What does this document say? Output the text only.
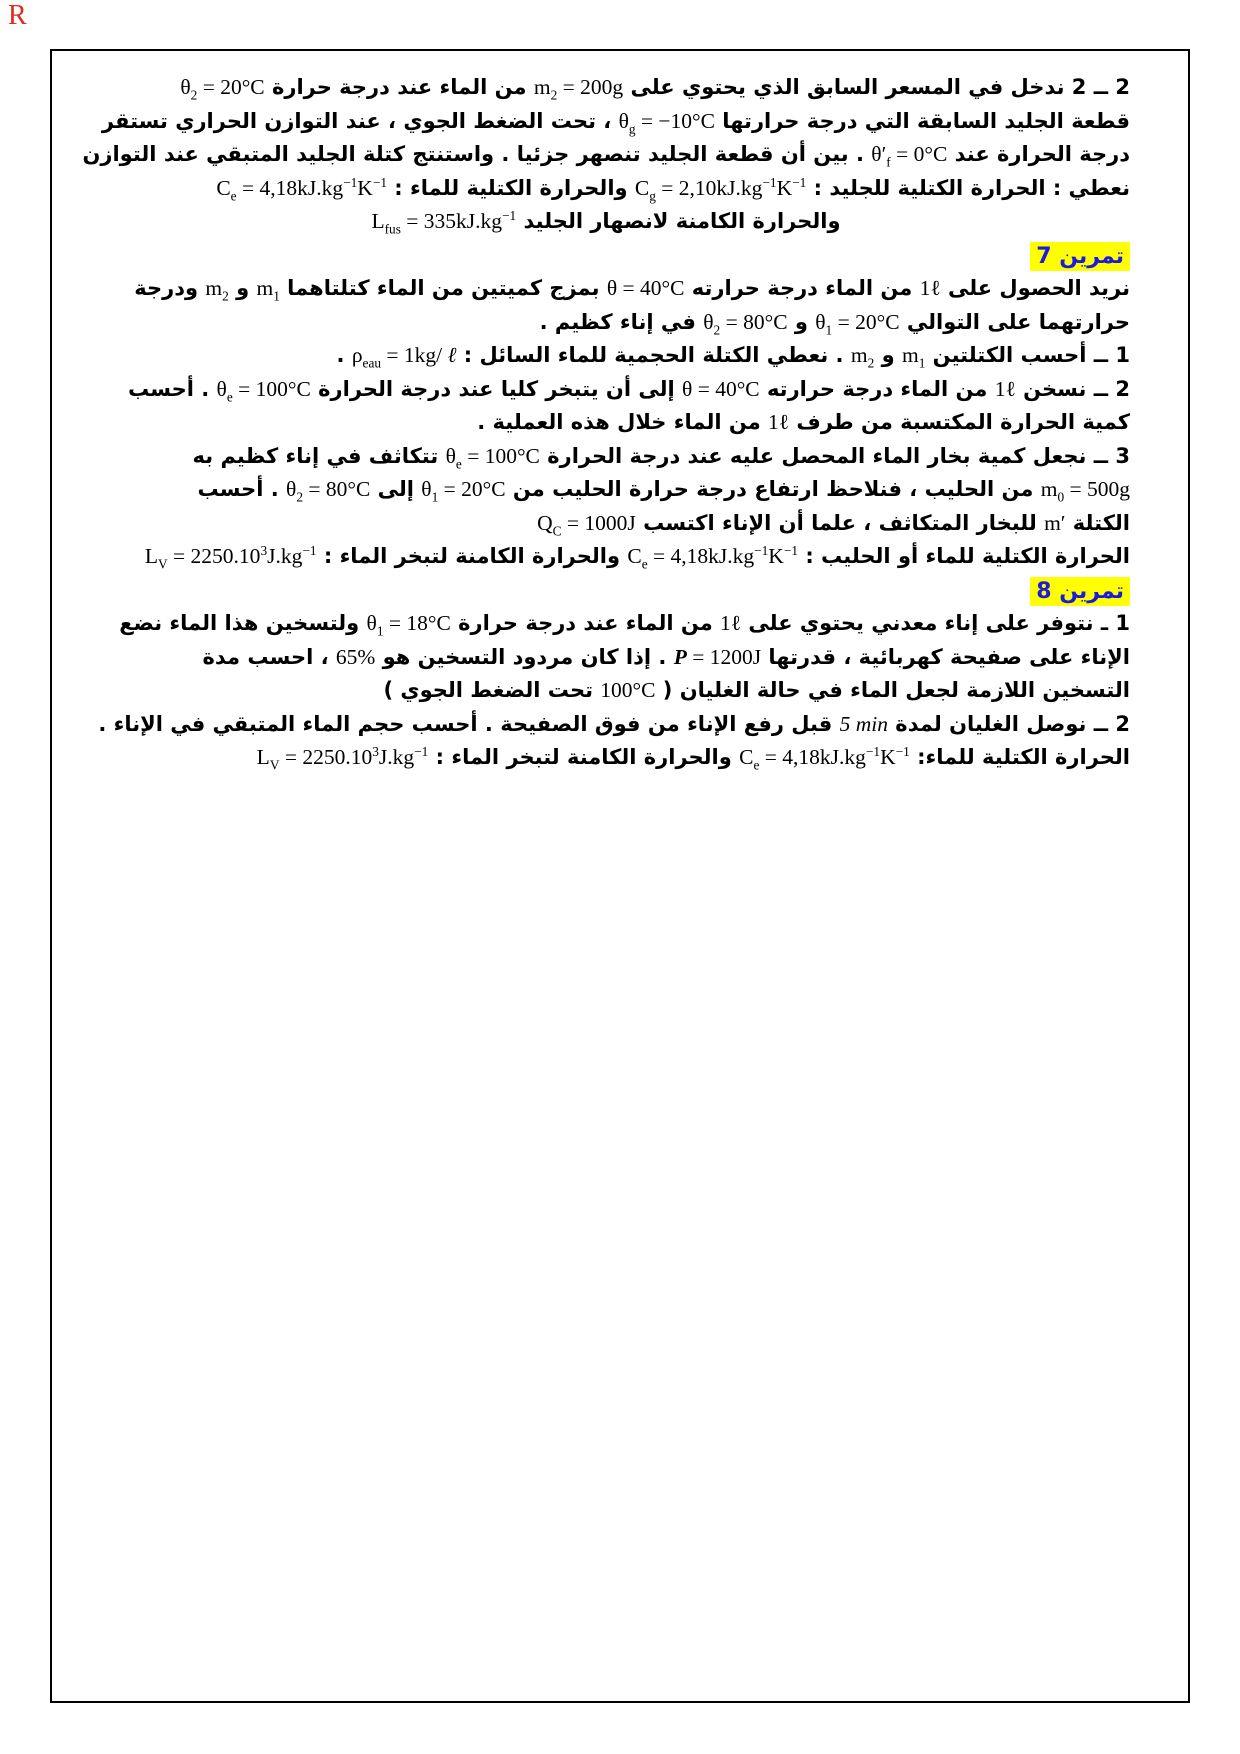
R
2 ــ 2 ندخل في المسعر السابق الذي يحتوي على $m_2 = 200g$ من الماء عند درجة حرارة $\theta_2 = 20^\circ C$
قطعة الجليد السابقة التي درجة حرارتها $\theta_g = -10^\circ C$ ، تحت الضغط الجوي ، عند التوازن الحراري تستقر
درجة الحرارة عند $\theta'_f = 0^\circ C$ . بين أن قطعة الجليد تنصهر جزئيا . واستنتج كتلة الجليد المتبقي عند التوازن
نعطي : الحرارة الكتلية للجليد : $C_g = 2,10kJ.kg^{-1}K^{-1}$ والحرارة الكتلية للماء : $C_e = 4,18kJ.kg^{-1}K^{-1}$
والحرارة الكامنة لانصهار الجليد $L_{fus} = 335kJ.kg^{-1}$
تمرين 7
نريد الحصول على 1ℓ من الماء درجة حرارته θ = 40°C بمزج كميتين من الماء كتلتاهما $m_1$ و $m_2$ ودرجة
حرارتهما على التوالي $\theta_1 = 20^\circ C$ و $\theta_2 = 80^\circ C$ في إناء كظيم .
1 ــ أحسب الكتلتين $m_1$ و $m_2$ . نعطي الكتلة الحجمية للماء السائل : $\rho_{eau} = 1kg/$ ℓ .
2 ــ نسخن 1ℓ من الماء درجة حرارته θ = 40°C إلى أن يتبخر كليا عند درجة الحرارة $\theta_e = 100^\circ C$ . أحسب
كمية الحرارة المكتسبة من طرف 1ℓ من الماء خلال هذه العملية .
3 ــ نجعل كمية بخار الماء المحصل عليه عند درجة الحرارة $\theta_e = 100^\circ C$ تتكاثف في إناء كظيم به
$m_0 = 500g$ من الحليب ، فنلاحظ ارتفاع درجة حرارة الحليب من $\theta_1 = 20^\circ C$ إلى $\theta_2 = 80^\circ C$ . أحسب
الكتلة m′ للبخار المتكاثف ، علما أن الإناء اكتسب $Q_C = 1000J$
الحرارة الكتلية للماء أو الحليب : $C_e = 4,18kJ.kg^{-1}K^{-1}$ والحرارة الكامنة لتبخر الماء : $L_V = 2250.10^3J.kg^{-1}$
تمرين 8
1 ـ نتوفر على إناء معدني يحتوي على 1ℓ من الماء عند درجة حرارة $\theta_1 = 18^\circ C$ ولتسخين هذا الماء نضع
الإناء على صفيحة كهربائية ، قدرتها P = 1200J . إذا كان مردود التسخين هو 65% ، احسب مدة
التسخين اللازمة لجعل الماء في حالة الغليان ( 100°C تحت الضغط الجوي )
2 ــ نوصل الغليان لمدة 5 min قبل رفع الإناء من فوق الصفيحة . أحسب حجم الماء المتبقي في الإناء .
الحرارة الكتلية للماء: $C_e = 4,18kJ.kg^{-1}K^{-1}$ والحرارة الكامنة لتبخر الماء : $L_V = 2250.10^3J.kg^{-1}$
